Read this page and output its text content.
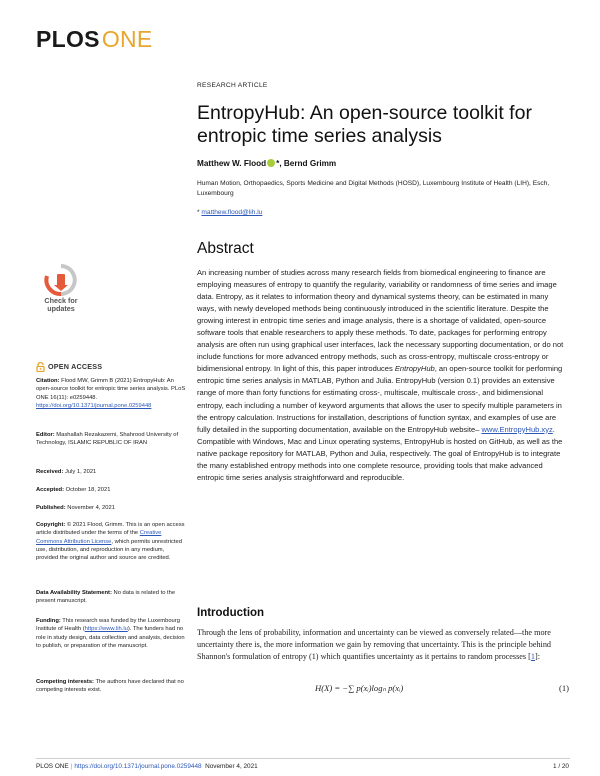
PLOSONE
Check for
updates
OPEN ACCESS

Citation: Flood MW, Grimm B (2021) EntropyHub: An open-source toolkit for entropic time series analysis. PLoS ONE 16(11): e0259448. https://doi.org/10.1371/journal.pone.0259448

Editor: Mashallah Rezakazemi, Shahrood University of Technology, ISLAMIC REPUBLIC OF IRAN

Received: July 1, 2021

Accepted: October 18, 2021

Published: November 4, 2021

Copyright: © 2021 Flood, Grimm. This is an open access article distributed under the terms of the Creative Commons Attribution License, which permits unrestricted use, distribution, and reproduction in any medium, provided the original author and source are credited.

Data Availability Statement: No data is related to the present manuscript.

Funding: This research was funded by the Luxembourg Institute of Health (https://www.lih.lu). The funders had no role in study design, data collection and analysis, decision to publish, or preparation of the manuscript.

Competing interests: The authors have declared that no competing interests exist.

RESEARCH ARTICLE
EntropyHub: An open-source toolkit for entropic time series analysis
Matthew W. Flood *, Bernd Grimm
Human Motion, Orthopaedics, Sports Medicine and Digital Methods (HOSD), Luxembourg Institute of Health (LIH), Esch, Luxembourg
* matthew.flood@lih.lu
Abstract

An increasing number of studies across many research fields from biomedical engineering to finance are employing measures of entropy to quantify the regularity, variability or randomness of time series and image data. Entropy, as it relates to information theory and dynamical systems theory, can be estimated in many ways, with newly developed methods being continuously introduced in the scientific literature. Despite the growing interest in entropic time series and image analysis, there is a shortage of validated, open-source software tools that enable researchers to apply these methods. To date, packages for performing entropy analysis are often run using graphical user interfaces, lack the necessary supporting documentation, or do not include functions for more advanced entropy methods, such as cross-entropy, multiscale cross-entropy or bidimensional entropy. In light of this, this paper introduces EntropyHub, an open-source toolkit for performing entropic time series analysis in MATLAB, Python and Julia. EntropyHub (version 0.1) provides an extensive range of more than forty functions for estimating cross-, multiscale, multiscale cross-, and bidimensional entropy, each including a number of keyword arguments that allows the user to specify multiple parameters in the entropy calculation. Instructions for installation, descriptions of function syntax, and examples of use are fully detailed in the supporting documentation, available on the EntropyHub website– www.EntropyHub.xyz. Compatible with Windows, Mac and Linux operating systems, EntropyHub is hosted on GitHub, as well as the native package repository for MATLAB, Python and Julia, respectively. The goal of EntropyHub is to integrate the many established entropy methods into one complete resource, providing tools that make advanced entropic time series analysis straightforward and reproducible.

Introduction

Through the lens of probability, information and uncertainty can be viewed as conversely related—the more uncertainty there is, the more information we gain by removing that uncertainty. This is the principle behind Shannon's formulation of entropy (1) which quantifies uncertainty as it pertains to random processes [1]:

H(X) = −∑ p(xᵢ)logₙ p(xᵢ)	(1)
PLOS ONE | https://doi.org/10.1371/journal.pone.0259448 November 4, 2021	1 / 20
